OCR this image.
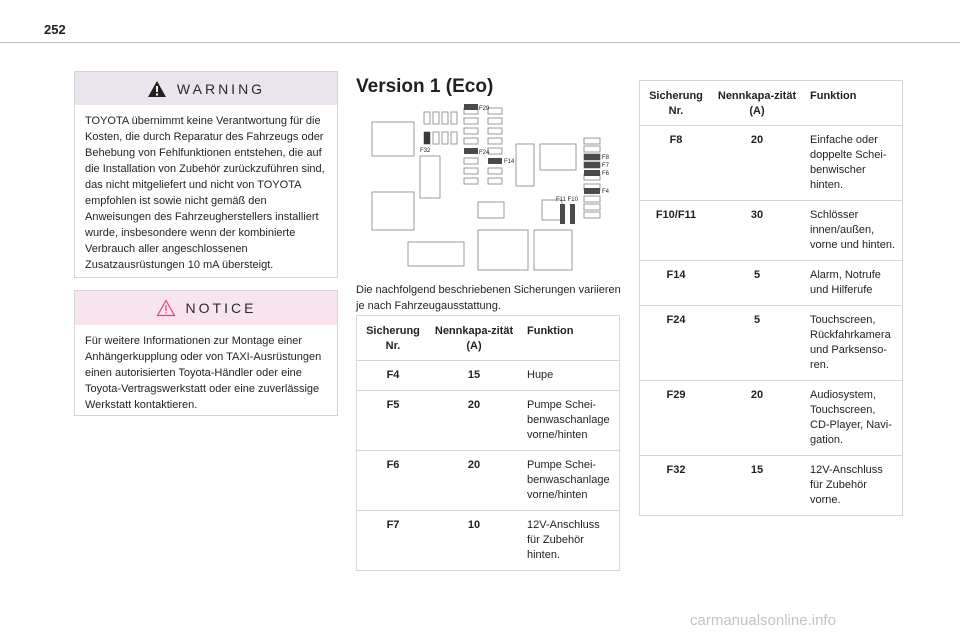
252
WARNING
TOYOTA übernimmt keine Verantwortung für die Kosten, die durch Reparatur des Fahrzeugs oder Behebung von Fehlfunktionen entstehen, die auf die Installation von Zubehör zurückzuführen sind, das nicht mitgeliefert und nicht von TOYOTA empfohlen ist sowie nicht gemäß den Anweisungen des Fahrzeugherstellers installiert wurde, insbesondere wenn der kombinierte Verbrauch aller angeschlossenen Zusatzausrüstungen 10 mA übersteigt.
NOTICE
Für weitere Informationen zur Montage einer Anhängerkupplung oder von TAXI-Ausrüstungen einen autorisierten Toyota-Händler oder eine Toyota-Vertragswerkstatt oder eine zuverlässige Werkstatt kontaktieren.
Version 1 (Eco)
F29
F32	F24
F14
F8
F7
F6
F4
F11 F10
Die nachfolgend beschriebenen Sicherungen variieren je nach Fahrzeugausstattung.
Sicherung Nr.	Nennkapa-zität (A)	Funktion
F4	15	Hupe
F5	20	Pumpe Schei-benwaschanlage vorne/hinten
F6	20	Pumpe Schei-benwaschanlage vorne/hinten
F7	10	12V-Anschluss für Zubehör hinten.
Sicherung Nr.	Nennkapa-zität (A)	Funktion
F8	20	Einfache oder doppelte Schei-benwischer hinten.
F10/F11	30	Schlösser innen/außen, vorne und hinten.
F14	5	Alarm, Notrufe und Hilferufe
F24	5	Touchscreen, Rückfahrkamera und Parksenso-ren.
F29	20	Audiosystem, Touchscreen, CD-Player, Navi-gation.
F32	15	12V-Anschluss für Zubehör vorne.
carmanualsonline.info
